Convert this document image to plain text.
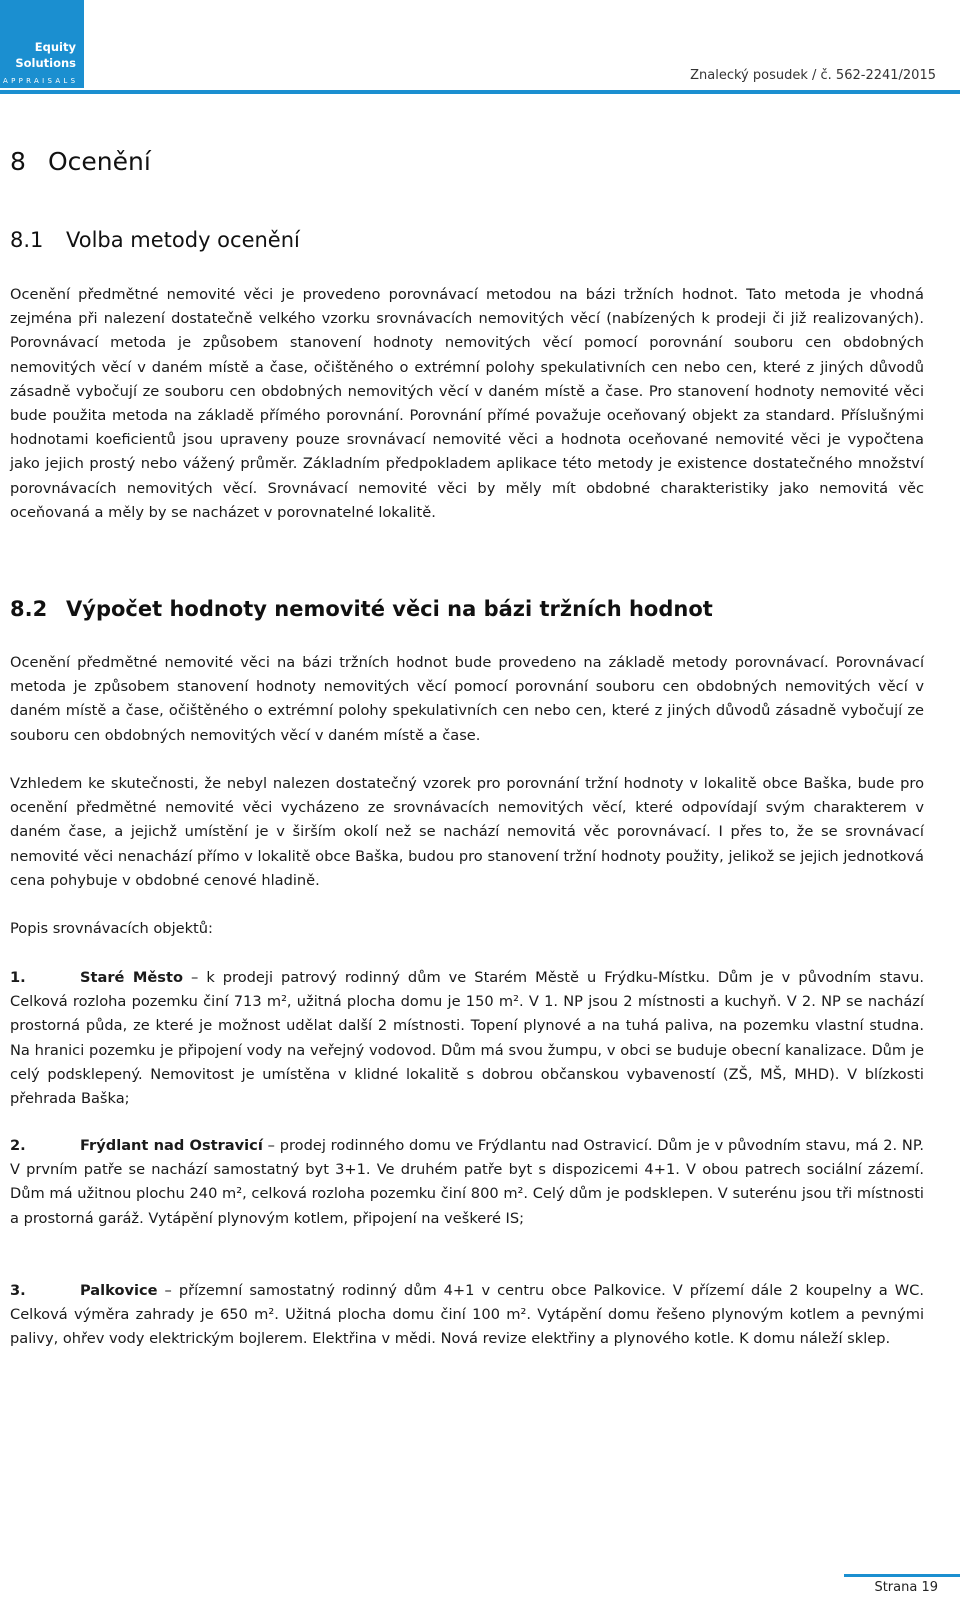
Equity
Solutions
APPRAISALS	Znalecký posudek / č. 562-2241/2015
8 Ocenění
8.1 Volba metody ocenění

Ocenění předmětné nemovité věci je provedeno porovnávací metodou na bázi tržních hodnot. Tato metoda je vhodná zejména při nalezení dostatečně velkého vzorku srovnávacích nemovitých věcí (nabízených k prodeji či již realizovaných). Porovnávací metoda je způsobem stanovení hodnoty nemovitých věcí pomocí porovnání souboru cen obdobných nemovitých věcí v daném místě a čase, očištěného o extrémní polohy spekulativních cen nebo cen, které z jiných důvodů zásadně vybočují ze souboru cen obdobných nemovitých věcí v daném místě a čase. Pro stanovení hodnoty nemovité věci bude použita metoda na základě přímého porovnání. Porovnání přímé považuje oceňovaný objekt za standard. Příslušnými hodnotami koeficientů jsou upraveny pouze srovnávací nemovité věci a hodnota oceňované nemovité věci je vypočtena jako jejich prostý nebo vážený průměr. Základním předpokladem aplikace této metody je existence dostatečného množství porovnávacích nemovitých věcí. Srovnávací nemovité věci by měly mít obdobné charakteristiky jako nemovitá věc oceňovaná a měly by se nacházet v porovnatelné lokalitě.

8.2 Výpočet hodnoty nemovité věci na bázi tržních hodnot

Ocenění předmětné nemovité věci na bázi tržních hodnot bude provedeno na základě metody porovnávací. Porovnávací metoda je způsobem stanovení hodnoty nemovitých věcí pomocí porovnání souboru cen obdobných nemovitých věcí v daném místě a čase, očištěného o extrémní polohy spekulativních cen nebo cen, které z jiných důvodů zásadně vybočují ze souboru cen obdobných nemovitých věcí v daném místě a čase.

Vzhledem ke skutečnosti, že nebyl nalezen dostatečný vzorek pro porovnání tržní hodnoty v lokalitě obce Baška, bude pro ocenění předmětné nemovité věci vycházeno ze srovnávacích nemovitých věcí, které odpovídají svým charakterem v daném čase, a jejichž umístění je v širším okolí než se nachází nemovitá věc porovnávací. I přes to, že se srovnávací nemovité věci nenachází přímo v lokalitě obce Baška, budou pro stanovení tržní hodnoty použity, jelikož se jejich jednotková cena pohybuje v obdobné cenové hladině.

Popis srovnávacích objektů:

1.	Staré Město – k prodeji patrový rodinný dům ve Starém Městě u Frýdku-Místku. Dům je v původním stavu. Celková rozloha pozemku činí 713 m², užitná plocha domu je 150 m². V 1. NP jsou 2 místnosti a kuchyň. V 2. NP se nachází prostorná půda, ze které je možnost udělat další 2 místnosti. Topení plynové a na tuhá paliva, na pozemku vlastní studna. Na hranici pozemku je připojení vody na veřejný vodovod. Dům má svou žumpu, v obci se buduje obecní kanalizace. Dům je celý podsklepený. Nemovitost je umístěna v klidné lokalitě s dobrou občanskou vybaveností (ZŠ, MŠ, MHD). V blízkosti přehrada Baška;

2.	Frýdlant nad Ostravicí – prodej rodinného domu ve Frýdlantu nad Ostravicí. Dům je v původním stavu, má 2. NP. V prvním patře se nachází samostatný byt 3+1. Ve druhém patře byt s dispozicemi 4+1. V obou patrech sociální zázemí. Dům má užitnou plochu 240 m², celková rozloha pozemku činí 800 m². Celý dům je podsklepen. V suterénu jsou tři místnosti a prostorná garáž. Vytápění plynovým kotlem, připojení na veškeré IS;

3.	Palkovice – přízemní samostatný rodinný dům 4+1 v centru obce Palkovice. V přízemí dále 2 koupelny a WC. Celková výměra zahrady je 650 m². Užitná plocha domu činí 100 m². Vytápění domu řešeno plynovým kotlem a pevnými palivy, ohřev vody elektrickým bojlerem. Elektřina v mědi. Nová revize elektřiny a plynového kotle. K domu náleží sklep.

Strana 19
